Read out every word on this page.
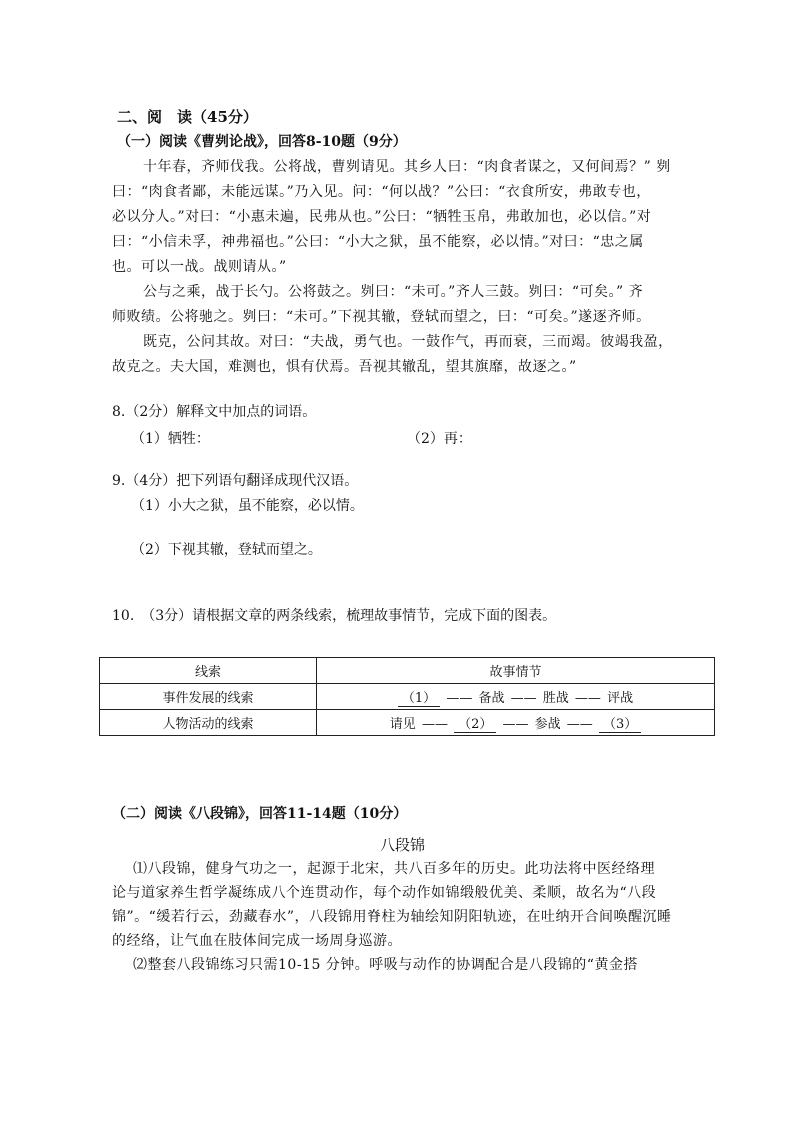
二、阅　读（45分）
（一）阅读《曹刿论战》，回答8-10题（9分）
十年春，齐师伐我。公将战，曹刿请见。其乡人曰：“肉食者谋之，又何间焉？” 刿
曰：“肉食者鄙，未能远谋。”乃入见。问：“何以战？”公曰：“衣食所安，弗敢专也，
必以分人。”对曰：“小惠未遍，民弗从也。”公曰：“牺牲玉帛，弗敢加也，必以信。”对
曰：“小信未孚，神弗福也。”公曰：“小大之狱，虽不能察，必以情。”对曰：“忠之属
也。可以一战。战则请从。”
公与之乘，战于长勺。公将鼓之。刿曰：“未可。”齐人三鼓。刿曰：“可矣。” 齐
师败绩。公将驰之。刿曰：“未可。”下视其辙，登轼而望之，曰：“可矣。”遂逐齐师。
既克，公问其故。对曰：“夫战，勇气也。一鼓作气，再而衰，三而竭。彼竭我盈，
故克之。夫大国，难测也，惧有伏焉。吾视其辙乱，望其旗靡，故逐之。”
8.（2分）解释文中加点的词语。
（1）牺牲：	（2）再：
9.（4分）把下列语句翻译成现代汉语。
（1）小大之狱，虽不能察，必以情。
（2）下视其辙，登轼而望之。
10.　（3分）请根据文章的两条线索，梳理故事情节，完成下面的图表。
线索	故事情节
事件发展的线索	（1） —— 备战 —— 胜战 —— 评战
人物活动的线索	请见 —— （2） —— 参战 —— （3）
（二）阅读《八段锦》，回答11-14题（10分）
八段锦
⑴八段锦，健身气功之一，起源于北宋，共八百多年的历史。此功法将中医经络理
论与道家养生哲学凝练成八个连贯动作，每个动作如锦缎般优美、柔顺，故名为“八段
锦”。“缓若行云，劲藏春水”，八段锦用脊柱为轴绘知阴阳轨迹，在吐纳开合间唤醒沉睡
的经络，让气血在肢体间完成一场周身巡游。
⑵整套八段锦练习只需10-15 分钟。呼吸与动作的协调配合是八段锦的“黄金搭
